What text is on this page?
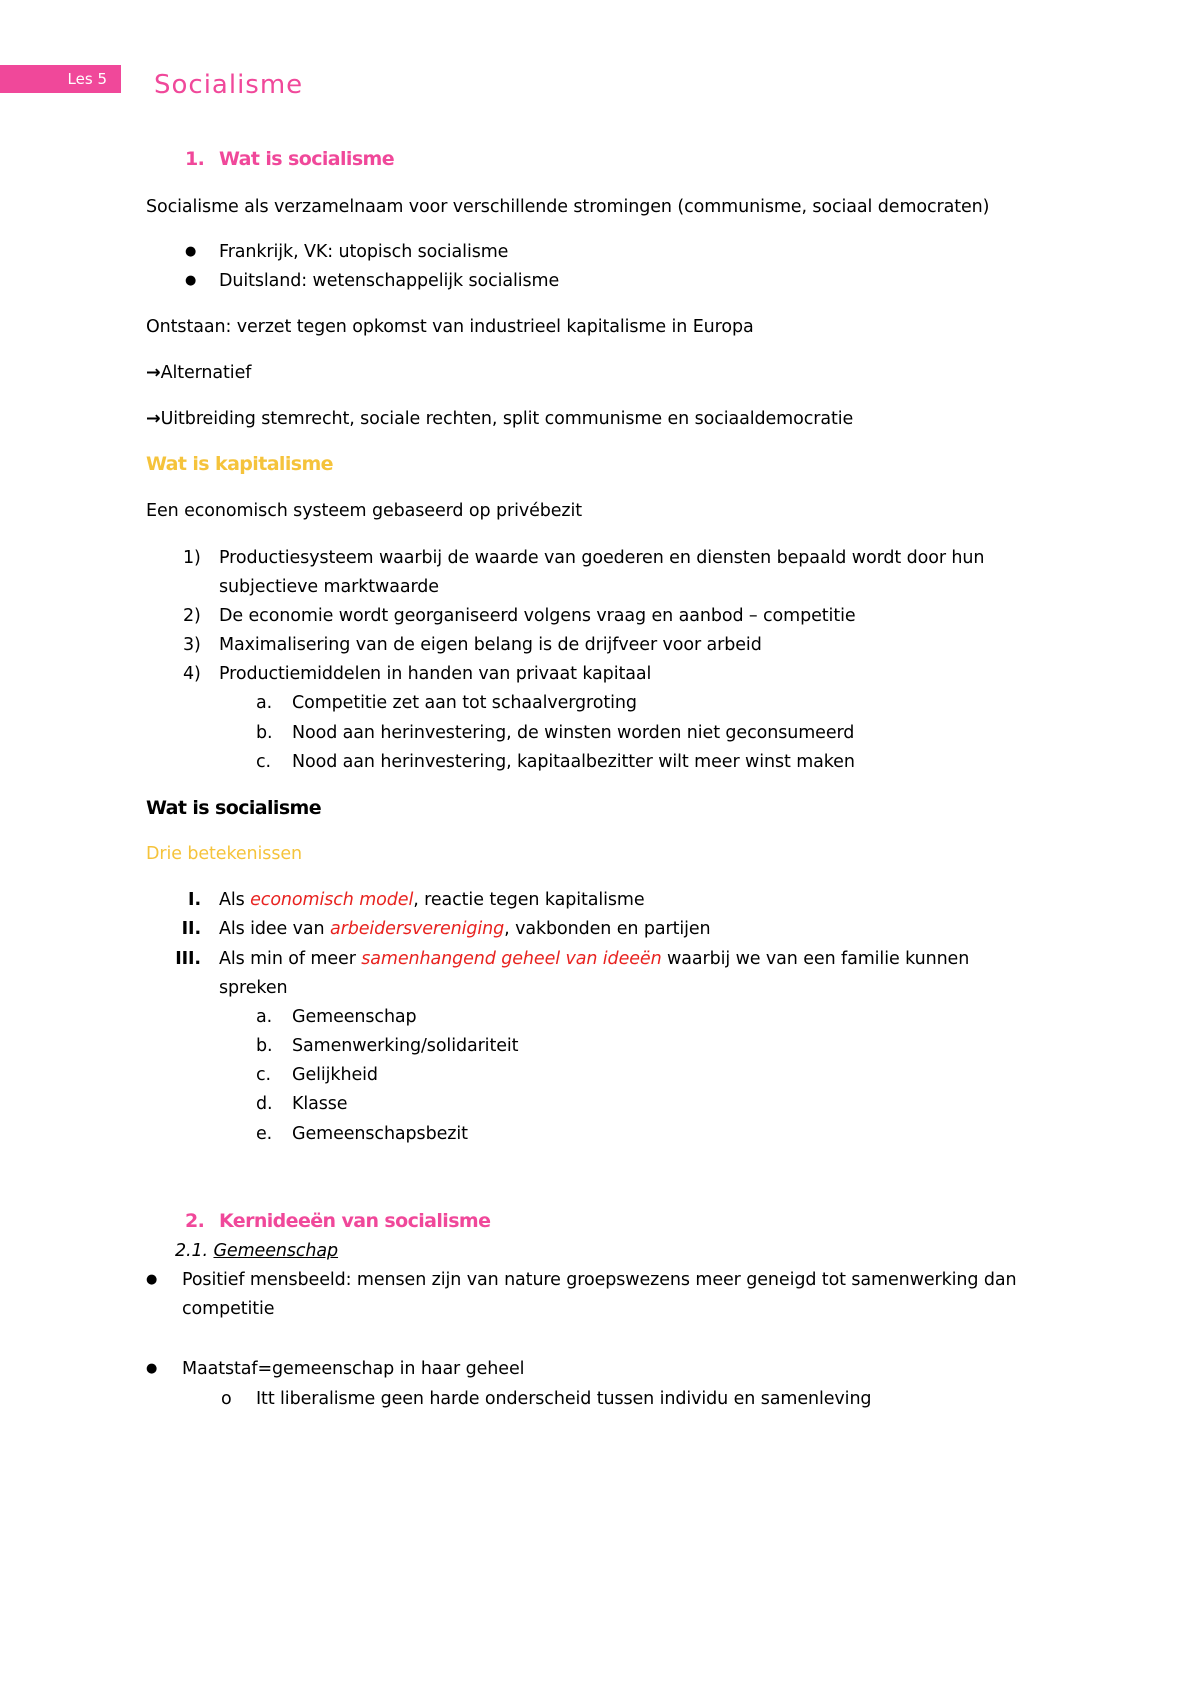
Les 5	Socialisme
1. Wat is socialisme
Socialisme als verzamelnaam voor verschillende stromingen (communisme, sociaal democraten)
● Frankrijk, VK: utopisch socialisme
● Duitsland: wetenschappelijk socialisme
Ontstaan: verzet tegen opkomst van industrieel kapitalisme in Europa
→Alternatief
→Uitbreiding stemrecht, sociale rechten, split communisme en sociaaldemocratie
Wat is kapitalisme
Een economisch systeem gebaseerd op privébezit
1) Productiesysteem waarbij de waarde van goederen en diensten bepaald wordt door hun
subjectieve marktwaarde
2) De economie wordt georganiseerd volgens vraag en aanbod – competitie
3) Maximalisering van de eigen belang is de drijfveer voor arbeid
4) Productiemiddelen in handen van privaat kapitaal
a. Competitie zet aan tot schaalvergroting
b. Nood aan herinvestering, de winsten worden niet geconsumeerd
c. Nood aan herinvestering, kapitaalbezitter wilt meer winst maken
Wat is socialisme
Drie betekenissen
I. Als economisch model, reactie tegen kapitalisme
II. Als idee van arbeidersvereniging, vakbonden en partijen
III. Als min of meer samenhangend geheel van ideeën waarbij we van een familie kunnen
spreken
a. Gemeenschap
b. Samenwerking/solidariteit
c. Gelijkheid
d. Klasse
e. Gemeenschapsbezit
2. Kernideeën van socialisme
2.1. Gemeenschap
● Positief mensbeeld: mensen zijn van nature groepswezens meer geneigd tot samenwerking dan
competitie
● Maatstaf=gemeenschap in haar geheel
o Itt liberalisme geen harde onderscheid tussen individu en samenleving
